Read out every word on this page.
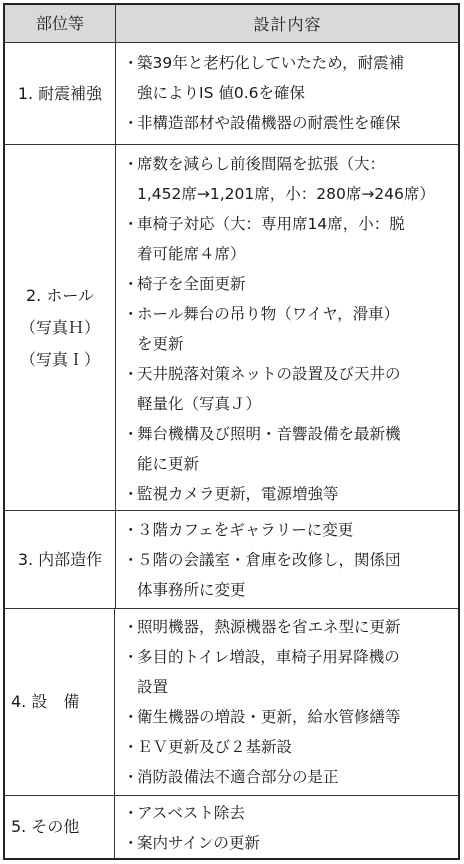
部位等	設計内容
1. 耐震補強
・築39年と老朽化していたため，耐震補
強によりIS 値0.6を確保
・非構造部材や設備機器の耐震性を確保
2. ホール
（写真Ｈ）
（写真Ｉ）
・席数を減らし前後間隔を拡張（大：
1,452席→1,201席，小：280席→246席）
・車椅子対応（大：専用席14席，小：脱
着可能席４席）
・椅子を全面更新
・ホール舞台の吊り物（ワイヤ，滑車）
を更新
・天井脱落対策ネットの設置及び天井の
軽量化（写真Ｊ）
・舞台機構及び照明・音響設備を最新機
能に更新
・監視カメラ更新，電源増強等
3. 内部造作
・３階カフェをギャラリーに変更
・５階の会議室・倉庫を改修し，関係団
体事務所に変更
4. 設　備
・照明機器，熱源機器を省エネ型に更新
・多目的トイレ増設，車椅子用昇降機の
設置
・衛生機器の増設・更新，給水管修繕等
・ＥＶ更新及び２基新設
・消防設備法不適合部分の是正
5. その他
・アスベスト除去
・案内サインの更新
